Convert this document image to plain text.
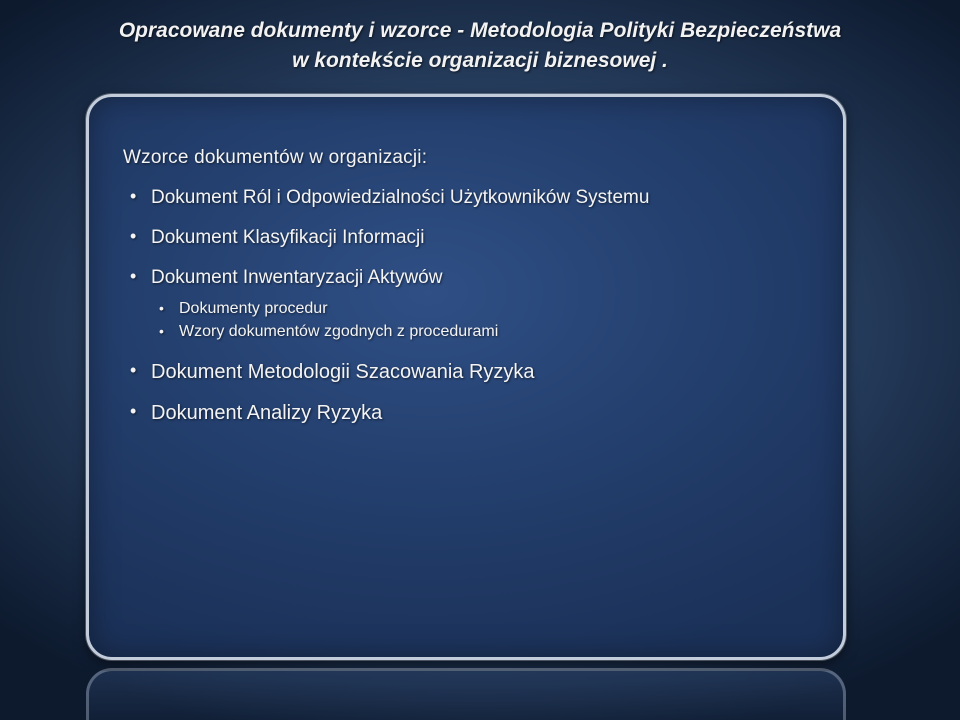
Opracowane dokumenty i wzorce - Metodologia Polityki Bezpieczeństwa
w kontekście organizacji biznesowej .
Wzorce dokumentów w organizacji:
• Dokument Ról i Odpowiedzialności Użytkowników Systemu
• Dokument Klasyfikacji Informacji
• Dokument Inwentaryzacji Aktywów
• Dokumenty procedur
• Wzory dokumentów zgodnych z procedurami
• Dokument Metodologii Szacowania Ryzyka
• Dokument Analizy Ryzyka
